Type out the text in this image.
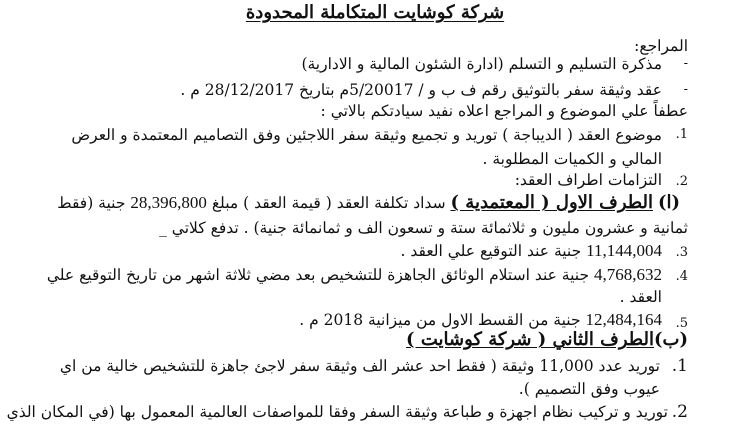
شركة كوشايت المتكاملة المحدودة
المراجع:
-
مذكرة التسليم و التسلم (ادارة الشئون المالية و الادارية)
-
عقد وثيقة سفر بالتوثيق رقم ف ب و / 5/20017م بتاريخ 28/12/2017 م .
عطفاً علي الموضوع و المراجع اعلاه نفيد سيادتكم بالاتي :
1.
موضوع العقد ( الديباجة ) توريد و تجميع وثيقة سفر اللاجئين وفق التصاميم المعتمدة و العرض
المالي و الكميات المطلوبة .
2.
التزامات اطراف العقد:
(ا) الطرف الاول ( المعتمدية ) سداد تكلفة العقد ( قيمة العقد ) مبلغ 28,396,800 جنية (فقط
ثمانية و عشرون مليون و ثلاثمائة ستة و تسعون الف و ثمانمائة جنية) . تدفع كلاتي _
3.
11,144,004 جنية عند التوقيع علي العقد .
4.
4,768,632 جنية عند استلام الوثائق الجاهزة للتشخيص بعد مضي ثلاثة اشهر من تاريخ التوقيع علي
العقد .
5.
12,484,164 جنية من القسط الاول من ميزانية 2018 م .
(ب)الطرف الثاني ( شركة كوشايت )
1.
توريد عدد 11,000 وثيقة ( فقط احد عشر الف وثيقة سفر لاجئ جاهزة للتشخيص خالية من اي
عيوب وفق التصميم ).
2.
توريد و تركيب نظام اجهزة و طباعة وثيقة السفر وفقا للمواصفات العالمية المعمول بها (في المكان الذي
